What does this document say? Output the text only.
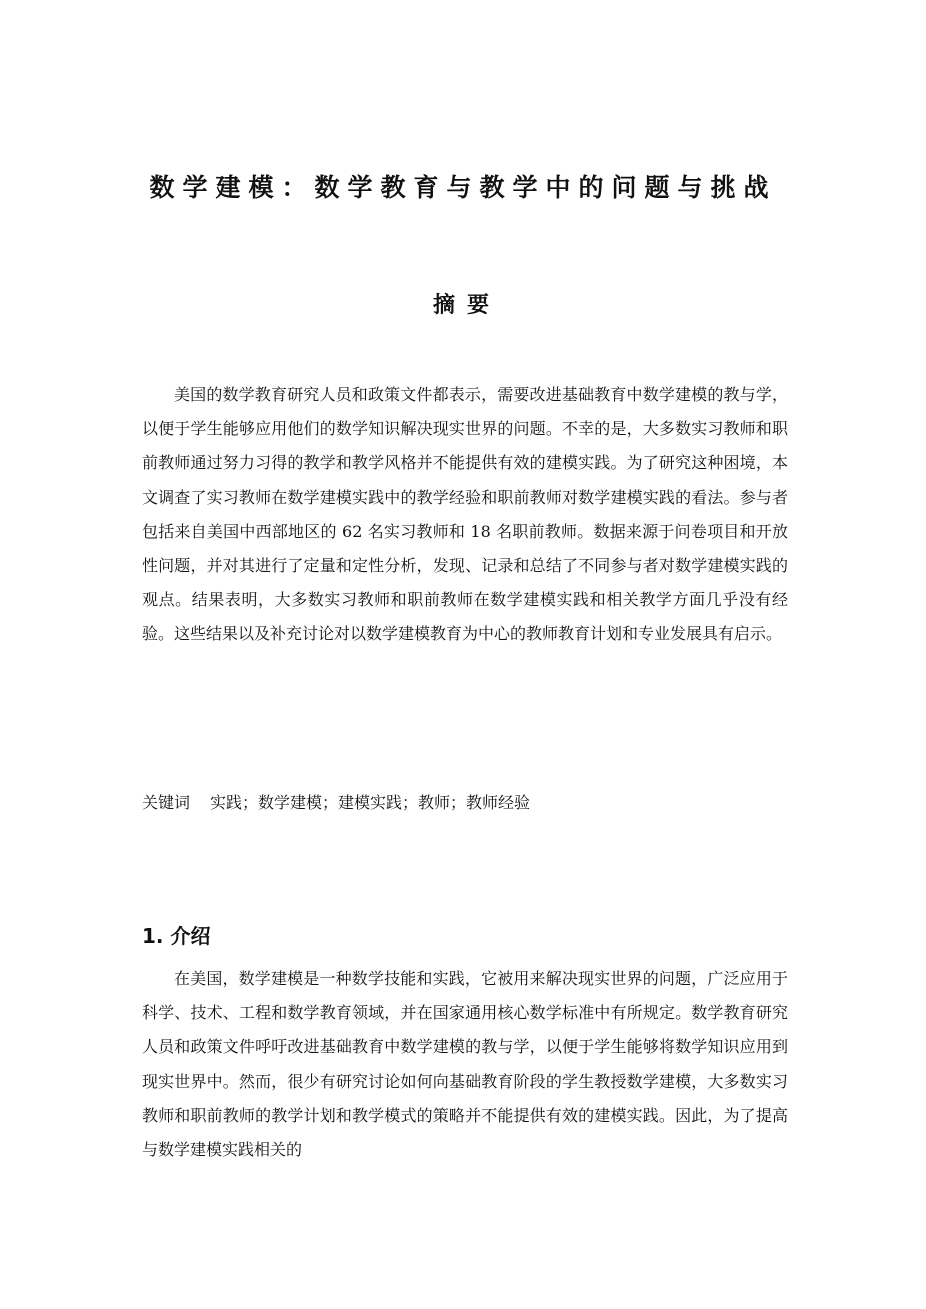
数学建模：数学教育与教学中的问题与挑战
摘要

美国的数学教育研究人员和政策文件都表示，需要改进基础教育中数学建模的教与学，以便于学生能够应用他们的数学知识解决现实世界的问题。不幸的是，大多数实习教师和职前教师通过努力习得的教学和教学风格并不能提供有效的建模实践。为了研究这种困境，本文调查了实习教师在数学建模实践中的教学经验和职前教师对数学建模实践的看法。参与者包括来自美国中西部地区的 62 名实习教师和 18 名职前教师。数据来源于问卷项目和开放性问题，并对其进行了定量和定性分析，发现、记录和总结了不同参与者对数学建模实践的观点。结果表明，大多数实习教师和职前教师在数学建模实践和相关教学方面几乎没有经验。这些结果以及补充讨论对以数学建模教育为中心的教师教育计划和专业发展具有启示。

关键词 实践；数学建模；建模实践；教师；教师经验
1. 介绍

在美国，数学建模是一种数学技能和实践，它被用来解决现实世界的问题，广泛应用于科学、技术、工程和数学教育领域，并在国家通用核心数学标准中有所规定。数学教育研究人员和政策文件呼吁改进基础教育中数学建模的教与学，以便于学生能够将数学知识应用到现实世界中。然而，很少有研究讨论如何向基础教育阶段的学生教授数学建模，大多数实习教师和职前教师的教学计划和教学模式的策略并不能提供有效的建模实践。因此，为了提高与数学建模实践相关的
